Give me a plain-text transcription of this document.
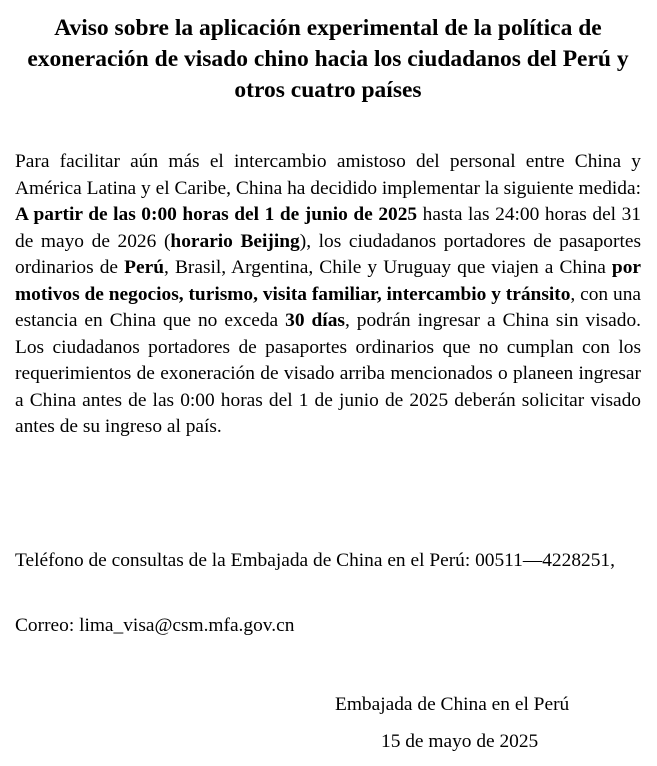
Aviso sobre la aplicación experimental de la política de exoneración de visado chino hacia los ciudadanos del Perú y otros cuatro países

Para facilitar aún más el intercambio amistoso del personal entre China y América Latina y el Caribe, China ha decidido implementar la siguiente medida: A partir de las 0:00 horas del 1 de junio de 2025 hasta las 24:00 horas del 31 de mayo de 2026 (horario Beijing), los ciudadanos portadores de pasaportes ordinarios de Perú, Brasil, Argentina, Chile y Uruguay que viajen a China por motivos de negocios, turismo, visita familiar, intercambio y tránsito, con una estancia en China que no exceda 30 días, podrán ingresar a China sin visado. Los ciudadanos portadores de pasaportes ordinarios que no cumplan con los requerimientos de exoneración de visado arriba mencionados o planeen ingresar a China antes de las 0:00 horas del 1 de junio de 2025 deberán solicitar visado antes de su ingreso al país.

Teléfono de consultas de la Embajada de China en el Perú: 00511—4228251,

Correo: lima_visa@csm.mfa.gov.cn

Embajada de China en el Perú
15 de mayo de 2025
